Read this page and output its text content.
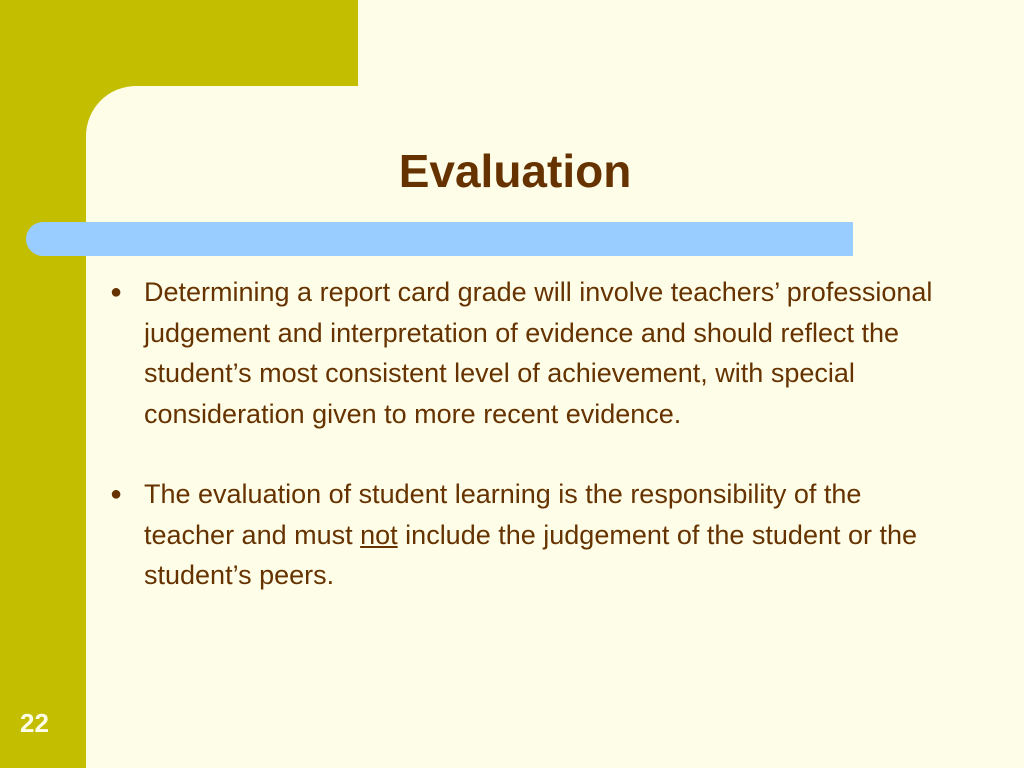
Evaluation
● Determining a report card grade will involve teachers’ professional judgement and interpretation of evidence and should reflect the student’s most consistent level of achievement, with special consideration given to more recent evidence.
● The evaluation of student learning is the responsibility of the teacher and must not include the judgement of the student or the student’s peers.
22
